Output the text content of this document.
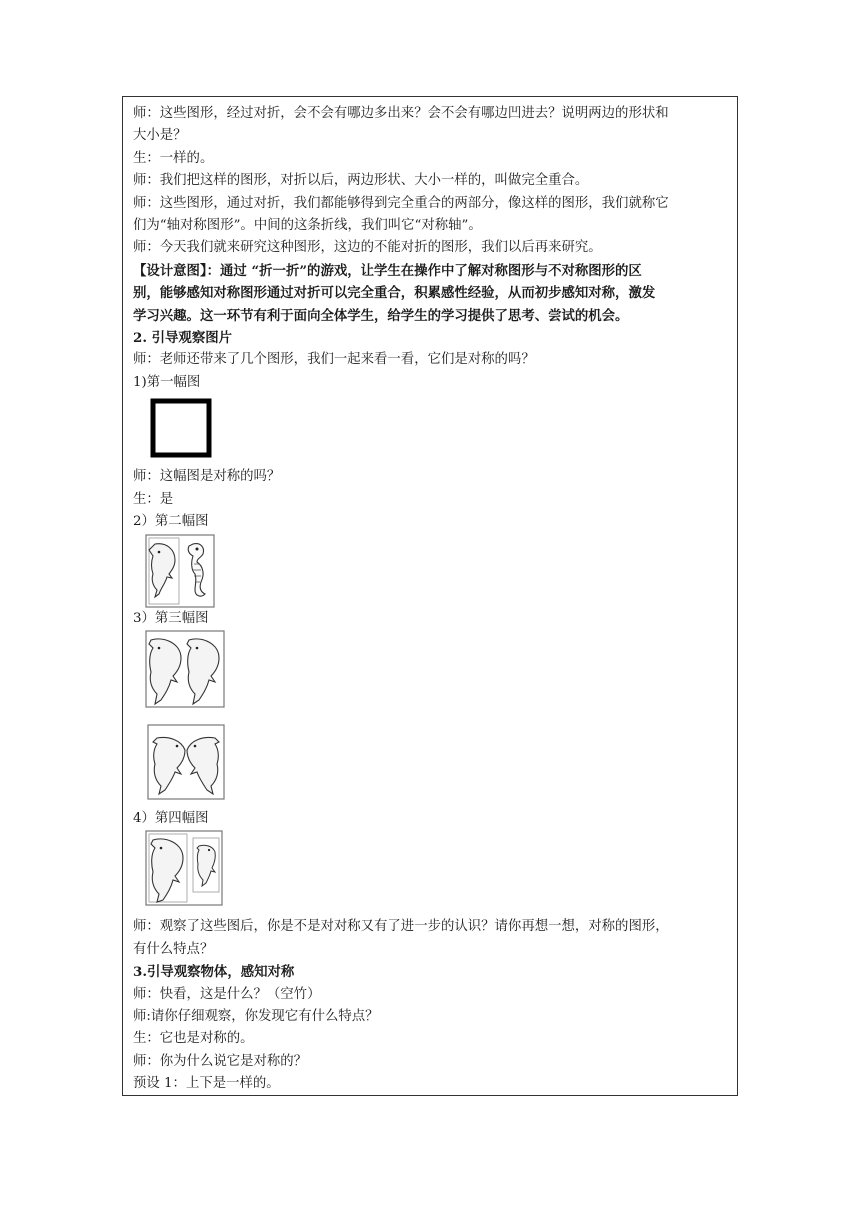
师：这些图形，经过对折，会不会有哪边多出来？会不会有哪边凹进去？说明两边的形状和

大小是？

生：一样的。

师：我们把这样的图形，对折以后，两边形状、大小一样的，叫做完全重合。

师：这些图形，通过对折，我们都能够得到完全重合的两部分，像这样的图形，我们就称它

们为“轴对称图形”。中间的这条折线，我们叫它“对称轴”。

师：今天我们就来研究这种图形，这边的不能对折的图形，我们以后再来研究。

【设计意图】：通过 “折一折”的游戏，让学生在操作中了解对称图形与不对称图形的区

别，能够感知对称图形通过对折可以完全重合，积累感性经验，从而初步感知对称，激发

学习兴趣。这一环节有利于面向全体学生，给学生的学习提供了思考、尝试的机会。

2. 引导观察图片

师：老师还带来了几个图形，我们一起来看一看，它们是对称的吗？

1)第一幅图

师：这幅图是对称的吗？

生：是

2）第二幅图

3）第三幅图

4）第四幅图

师：观察了这些图后，你是不是对对称又有了进一步的认识？请你再想一想，对称的图形，

有什么特点？

3.引导观察物体，感知对称

师：快看，这是什么？（空竹）

师:请你仔细观察，你发现它有什么特点？

生：它也是对称的。

师：你为什么说它是对称的？

预设 1：上下是一样的。
